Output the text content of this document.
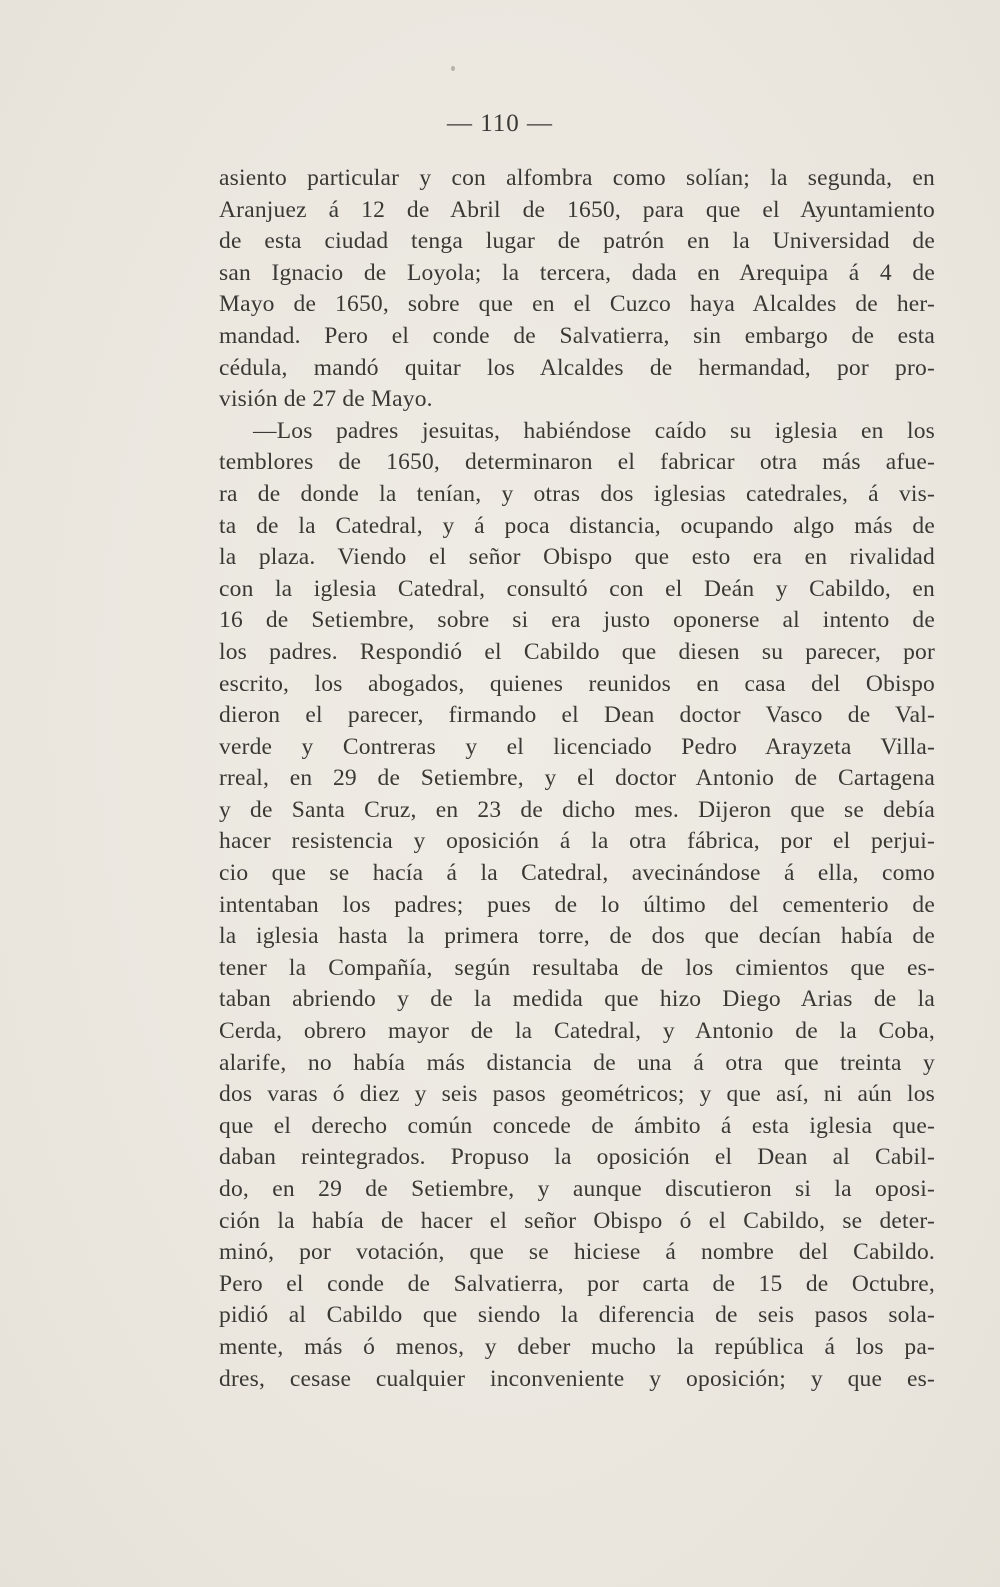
— 110 —
asiento particular y con alfombra como solían; la segunda, en
Aranjuez á 12 de Abril de 1650, para que el Ayuntamiento
de esta ciudad tenga lugar de patrón en la Universidad de
san Ignacio de Loyola; la tercera, dada en Arequipa á 4 de
Mayo de 1650, sobre que en el Cuzco haya Alcaldes de her-
mandad. Pero el conde de Salvatierra, sin embargo de esta
cédula, mandó quitar los Alcaldes de hermandad, por pro-
visión de 27 de Mayo.
—Los padres jesuitas, habiéndose caído su iglesia en los
temblores de 1650, determinaron el fabricar otra más afue-
ra de donde la tenían, y otras dos iglesias catedrales, á vis-
ta de la Catedral, y á poca distancia, ocupando algo más de
la plaza. Viendo el señor Obispo que esto era en rivalidad
con la iglesia Catedral, consultó con el Deán y Cabildo, en
16 de Setiembre, sobre si era justo oponerse al intento de
los padres. Respondió el Cabildo que diesen su parecer, por
escrito, los abogados, quienes reunidos en casa del Obispo
dieron el parecer, firmando el Dean doctor Vasco de Val-
verde y Contreras y el licenciado Pedro Arayzeta Villa-
rreal, en 29 de Setiembre, y el doctor Antonio de Cartagena
y de Santa Cruz, en 23 de dicho mes. Dijeron que se debía
hacer resistencia y oposición á la otra fábrica, por el perjui-
cio que se hacía á la Catedral, avecinándose á ella, como
intentaban los padres; pues de lo último del cementerio de
la iglesia hasta la primera torre, de dos que decían había de
tener la Compañía, según resultaba de los cimientos que es-
taban abriendo y de la medida que hizo Diego Arias de la
Cerda, obrero mayor de la Catedral, y Antonio de la Coba,
alarife, no había más distancia de una á otra que treinta y
dos varas ó diez y seis pasos geométricos; y que así, ni aún los
que el derecho común concede de ámbito á esta iglesia que-
daban reintegrados. Propuso la oposición el Dean al Cabil-
do, en 29 de Setiembre, y aunque discutieron si la oposi-
ción la había de hacer el señor Obispo ó el Cabildo, se deter-
minó, por votación, que se hiciese á nombre del Cabildo.
Pero el conde de Salvatierra, por carta de 15 de Octubre,
pidió al Cabildo que siendo la diferencia de seis pasos sola-
mente, más ó menos, y deber mucho la república á los pa-
dres, cesase cualquier inconveniente y oposición; y que es-
